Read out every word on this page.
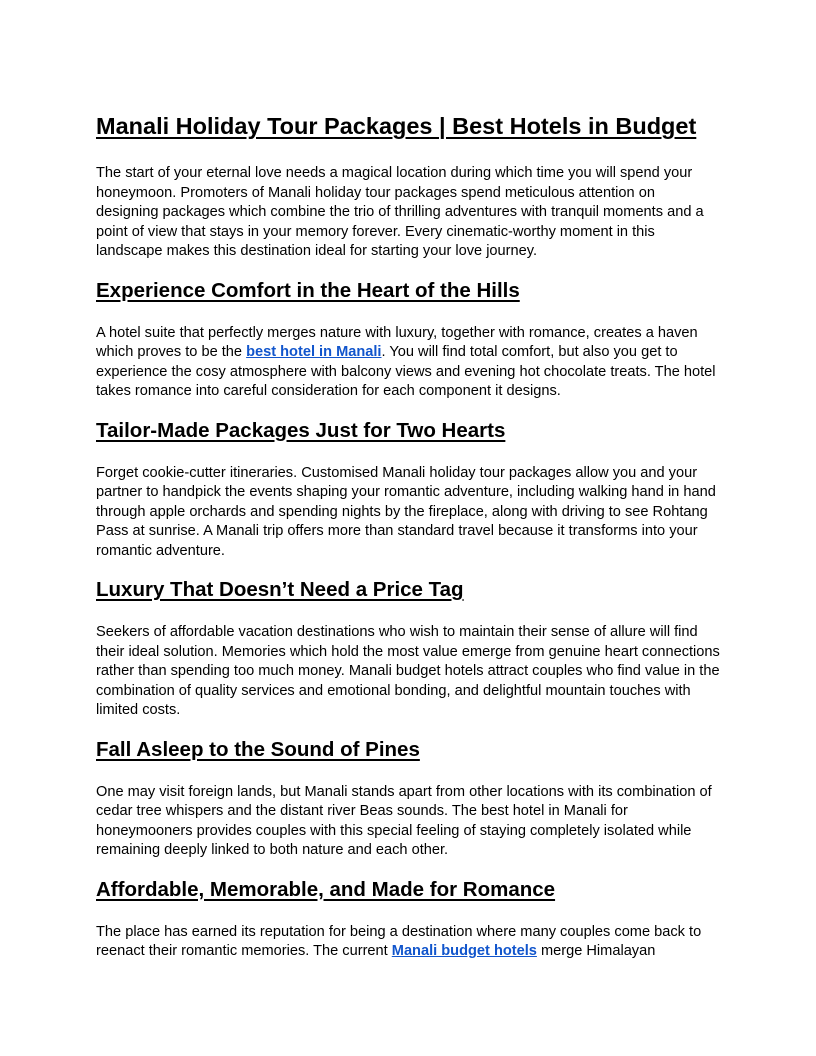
Manali Holiday Tour Packages | Best Hotels in Budget

The start of your eternal love needs a magical location during which time you will spend your honeymoon. Promoters of Manali holiday tour packages spend meticulous attention on designing packages which combine the trio of thrilling adventures with tranquil moments and a point of view that stays in your memory forever. Every cinematic-worthy moment in this landscape makes this destination ideal for starting your love journey.

Experience Comfort in the Heart of the Hills

A hotel suite that perfectly merges nature with luxury, together with romance, creates a haven which proves to be the best hotel in Manali. You will find total comfort, but also you get to experience the cosy atmosphere with balcony views and evening hot chocolate treats. The hotel takes romance into careful consideration for each component it designs.

Tailor-Made Packages Just for Two Hearts

Forget cookie-cutter itineraries. Customised Manali holiday tour packages allow you and your partner to handpick the events shaping your romantic adventure, including walking hand in hand through apple orchards and spending nights by the fireplace, along with driving to see Rohtang Pass at sunrise. A Manali trip offers more than standard travel because it transforms into your romantic adventure.

Luxury That Doesn’t Need a Price Tag

Seekers of affordable vacation destinations who wish to maintain their sense of allure will find their ideal solution. Memories which hold the most value emerge from genuine heart connections rather than spending too much money. Manali budget hotels attract couples who find value in the combination of quality services and emotional bonding, and delightful mountain touches with limited costs.

Fall Asleep to the Sound of Pines

One may visit foreign lands, but Manali stands apart from other locations with its combination of cedar tree whispers and the distant river Beas sounds. The best hotel in Manali for honeymooners provides couples with this special feeling of staying completely isolated while remaining deeply linked to both nature and each other.

Affordable, Memorable, and Made for Romance

The place has earned its reputation for being a destination where many couples come back to reenact their romantic memories. The current Manali budget hotels merge Himalayan
